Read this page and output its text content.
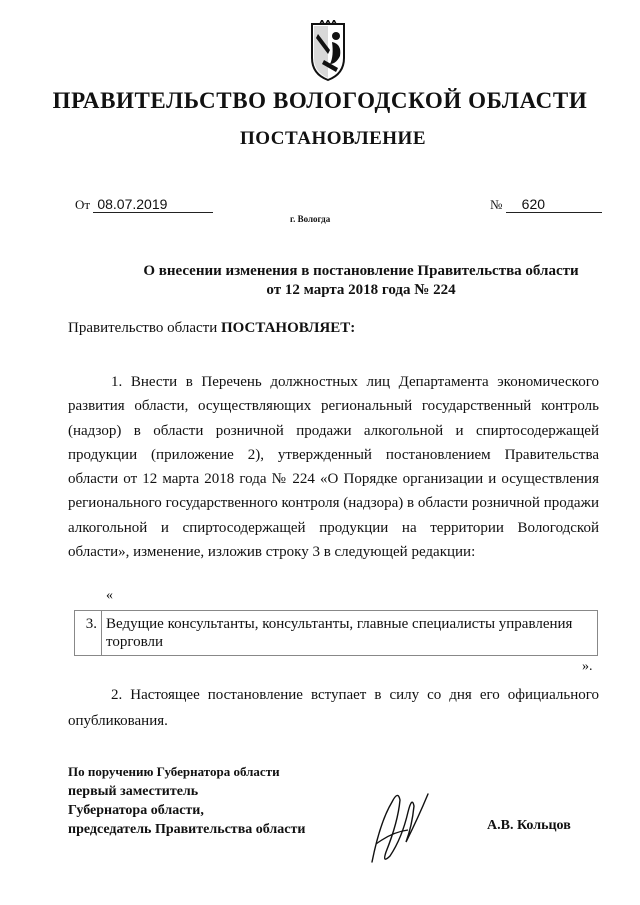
ПРАВИТЕЛЬСТВО ВОЛОГОДСКОЙ ОБЛАСТИ
ПОСТАНОВЛЕНИЕ
От 08.07.2019	№ 620
г. Вологда
О внесении изменения в постановление Правительства области
от 12 марта 2018 года № 224
Правительство области ПОСТАНОВЛЯЕТ:
1. Внести в Перечень должностных лиц Департамента экономического развития области, осуществляющих региональный государственный контроль (надзор) в области розничной продажи алкогольной и спиртосодержащей продукции (приложение 2), утвержденный постановлением Правительства области от 12 марта 2018 года № 224 «О Порядке организации и осуществления регионального государственного контроля (надзора) в области розничной продажи алкогольной и спиртосодержащей продукции на территории Вологодской области», изменение, изложив строку 3 в следующей редакции:
«
3.	Ведущие консультанты, консультанты, главные специалисты управления торговли
».
2. Настоящее постановление вступает в силу со дня его официального опубликования.
По поручению Губернатора области
первый заместитель
Губернатора области,
председатель Правительства области	А.В. Кольцов
